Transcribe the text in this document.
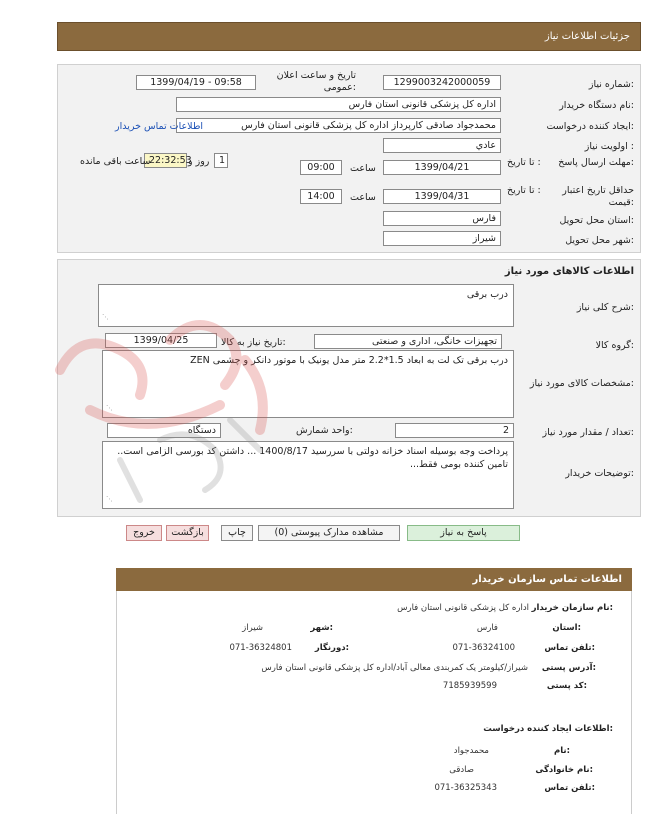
جزئیات اطلاعات نیاز
شماره نیاز:
1299003242000059
تاریخ و ساعت اعلان عمومی:
1399/04/19 - 09:58
نام دستگاه خریدار:
اداره کل پزشکی قانونی استان فارس
ایجاد کننده درخواست:
محمدجواد صادقی کارپرداز اداره کل پزشکی قانونی استان فارس
اطلاعات تماس خریدار
اولویت نیاز :
عادي
مهلت ارسال پاسخ:
تا تاریخ :
1399/04/21
ساعت
09:00
1
روز و
22:32:53
ساعت باقی مانده
حداقل تاریخ اعتبار قیمت:
تا تاریخ :
1399/04/31
ساعت
14:00
استان محل تحویل:
فارس
شهر محل تحویل:
شیراز
اطلاعات کالاهای مورد نیاز
شرح کلی نیاز:
درب برقی
⋰
گروه کالا:
تجهیزات خانگی، اداری و صنعتی
تاریخ نیاز به کالا:
1399/04/25
مشخصات کالای مورد نیاز:
درب برقی تک لت به ابعاد 1.5*2.2 متر مدل یونیک با موتور دانکر و چشمی ZEN
⋰
تعداد / مقدار مورد نیاز:
2
واحد شمارش:
دستگاه
توضیحات خریدار:
پرداخت وجه بوسیله اسناد خزانه دولتی با سررسید 1400/8/17 ... داشتن کد بورسی الزامی است.. تامین کننده بومی فقط...
⋰
پاسخ به نیاز
مشاهده مدارک پیوستی (0)
چاپ
بازگشت
خروج
اطلاعات تماس سازمان خریدار
نام سازمان خریدار:
اداره کل پزشکی قانونی استان فارس
استان:
فارس
شهر:
شیراز
تلفن تماس:
071-36324100
دورنگار:
071-36324801
آدرس پستی:
شیراز/کیلومتر یک کمربندی معالی آباد/اداره کل پزشکی قانونی استان فارس
کد پستی:
7185939599
اطلاعات ایجاد کننده درخواست:
نام:
محمدجواد
نام خانوادگی:
صادقی
تلفن تماس:
071-36325343
